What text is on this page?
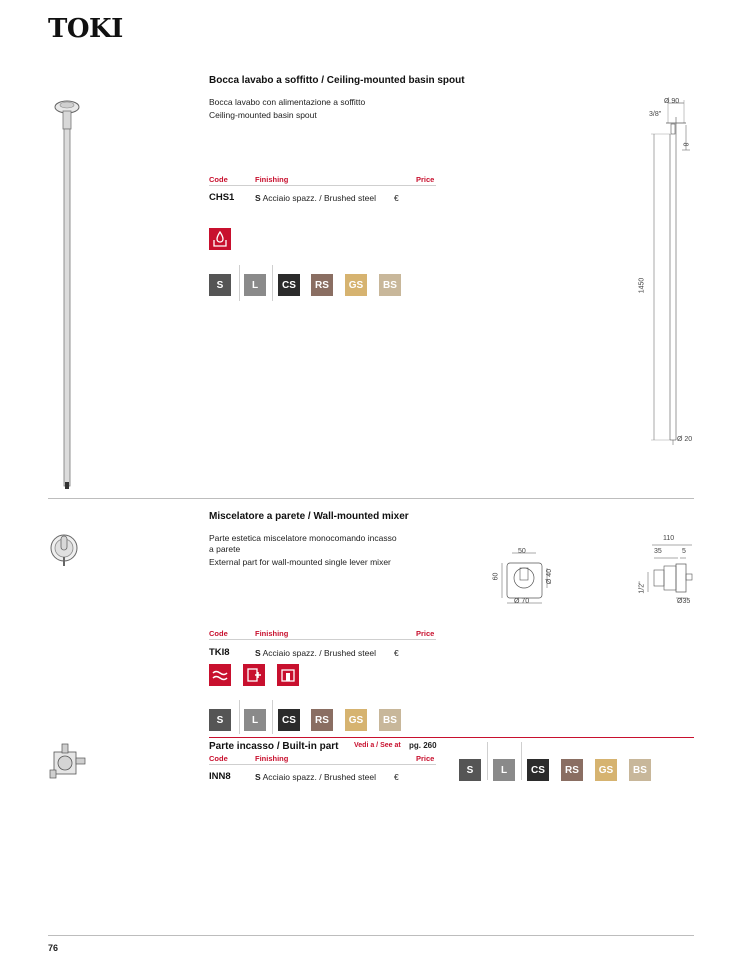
TOKI
Bocca lavabo a soffitto / Ceiling-mounted basin spout
Bocca lavabo con alimentazione a soffitto
Ceiling-mounted basin spout
Code	Finishing	Price
CHS1 S Acciaio spazz. / Brushed steel €
S	L CS RS GS BS
Ø 90
3/8"
8
1450
Ø 20
Miscelatore a parete / Wall-mounted mixer
Parte estetica miscelatore monocomando incasso
a parete
External part for wall-mounted single lever mixer
50
60	Ø 40
Ø 70
110
35	5
1/2"
Ø35
Code	Finishing	Price
TKI8	S Acciaio spazz. / Brushed steel €
S	L CS RS GS BS
Parte incasso / Built-in part Vedi a / See at pg. 260
Code	Finishing	Price
INN8	S Acciaio spazz. / Brushed steel €
S	L CS RS GS BS
76
